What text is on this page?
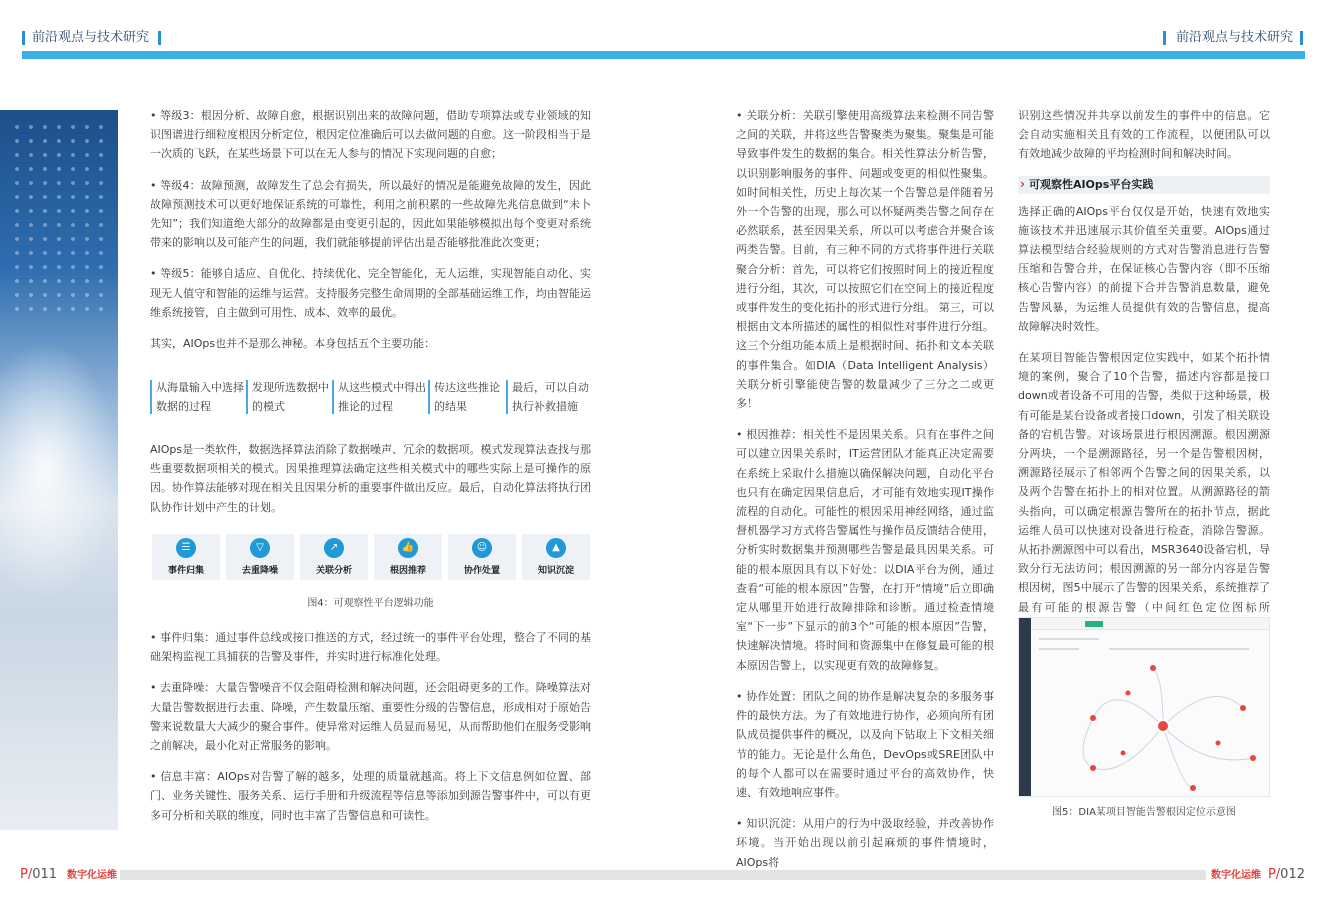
前沿观点与技术研究	前沿观点与技术研究

• 等级3：根因分析、故障自愈，根据识别出来的故障问题，借助专项算法或专业领域的知识图谱进行细粒度根因分析定位，根因定位准确后可以去做问题的自愈。这一阶段相当于是一次质的飞跃，在某些场景下可以在无人参与的情况下实现问题的自愈；

• 等级4：故障预测，故障发生了总会有损失，所以最好的情况是能避免故障的发生，因此故障预测技术可以更好地保证系统的可靠性，利用之前积累的一些故障先兆信息做到“未卜先知”；我们知道绝大部分的故障都是由变更引起的，因此如果能够模拟出每个变更对系统带来的影响以及可能产生的问题，我们就能够提前评估出是否能够批准此次变更；

• 等级5：能够自适应、自优化、持续优化、完全智能化，无人运维，实现智能自动化、实现无人值守和智能的运维与运营。支持服务完整生命周期的全部基础运维工作，均由智能运维系统接管，自主做到可用性、成本、效率的最优。

其实，AIOps也并不是那么神秘。本身包括五个主要功能：

从海量输入中选择数据的过程
发现所选数据中的模式
从这些模式中得出推论的过程
传达这些推论的结果
最后，可以自动执行补救措施

AIOps是一类软件，数据选择算法消除了数据噪声、冗余的数据项。模式发现算法查找与那些重要数据项相关的模式。因果推理算法确定这些相关模式中的哪些实际上是可操作的原因。协作算法能够对现在相关且因果分析的重要事件做出反应。最后，自动化算法将执行团队协作计划中产生的计划。

☰
事件归集
▽
去重降噪
↗
关联分析
👍
根因推荐
☺
协作处置
▲
知识沉淀
图4：可观察性平台逻辑功能

• 事件归集：通过事件总线或接口推送的方式，经过统一的事件平台处理，整合了不同的基础架构监视工具捕获的告警及事件，并实时进行标准化处理。

• 去重降噪：大量告警噪音不仅会阻碍检测和解决问题，还会阻碍更多的工作。降噪算法对大量告警数据进行去重、降噪，产生数量压缩、重要性分级的告警信息，形成相对于原始告警来说数量大大减少的聚合事件。使异常对运维人员显而易见，从而帮助他们在服务受影响之前解决，最小化对正常服务的影响。

• 信息丰富：AIOps对告警了解的越多，处理的质量就越高。将上下文信息例如位置、部门、业务关键性、服务关系、运行手册和升级流程等信息等添加到源告警事件中，可以有更多可分析和关联的维度，同时也丰富了告警信息和可读性。

• 关联分析：关联引擎使用高级算法来检测不同告警之间的关联，并将这些告警聚类为聚集。聚集是可能导致事件发生的数据的集合。相关性算法分析告警，以识别影响服务的事件、问题或变更的相似性聚集。如时间相关性，历史上每次某一个告警总是伴随着另外一个告警的出现，那么可以怀疑两类告警之间存在必然联系，甚至因果关系，所以可以考虑合并聚合该两类告警。目前，有三种不同的方式将事件进行关联聚合分析：首先，可以将它们按照时间上的接近程度进行分组，其次，可以按照它们在空间上的接近程度或事件发生的变化拓扑的形式进行分组。 第三，可以根据由文本所描述的属性的相似性对事件进行分组。 这三个分组功能本质上是根据时间、拓扑和文本关联的事件集合。如DIA（Data Intelligent Analysis）关联分析引擎能使告警的数量减少了三分之二或更多！

• 根因推荐：相关性不是因果关系。只有在事件之间可以建立因果关系时，IT运营团队才能真正决定需要在系统上采取什么措施以确保解决问题，自动化平台也只有在确定因果信息后，才可能有效地实现IT操作流程的自动化。可能性的根因采用神经网络，通过监督机器学习方式将告警属性与操作员反馈结合使用，分析实时数据集并预测哪些告警是最具因果关系。可能的根本原因具有以下好处：以DIA平台为例，通过查看“可能的根本原因”告警，在打开“情境”后立即确定从哪里开始进行故障排除和诊断。通过检查情境室“下一步”下显示的前3个“可能的根本原因”告警，快速解决情境。将时间和资源集中在修复最可能的根本原因告警上，以实现更有效的故障修复。

• 协作处置：团队之间的协作是解决复杂的多服务事件的最快方法。为了有效地进行协作，必须向所有团队成员提供事件的概况，以及向下钻取上下文相关细节的能力。无论是什么角色，DevOps或SRE团队中的每个人都可以在需要时通过平台的高效协作，快速、有效地响应事件。

• 知识沉淀：从用户的行为中汲取经验，并改善协作环境。当开始出现以前引起麻烦的事件情境时， AIOps将

识别这些情况并共享以前发生的事件中的信息。它会自动实施相关且有效的工作流程，以便团队可以有效地减少故障的平均检测时间和解决时间。

› 可观察性AIOps平台实践

选择正确的AIOps平台仅仅是开始，快速有效地实施该技术并迅速展示其价值至关重要。AIOps通过算法模型结合经验规则的方式对告警消息进行告警压缩和告警合并，在保证核心告警内容（即不压缩核心告警内容）的前提下合并告警消息数量，避免告警风暴，为运维人员提供有效的告警信息，提高故障解决时效性。

在某项目智能告警根因定位实践中，如某个拓扑情境的案例，聚合了10个告警，描述内容都是接口down或者设备不可用的告警，类似于这种场景，极有可能是某台设备或者接口down，引发了相关联设备的宕机告警。对该场景进行根因溯源。根因溯源分两块，一个是溯源路径，另一个是告警根因树，溯源路径展示了相邻两个告警之间的因果关系，以及两个告警在拓扑上的相对位置。从溯源路径的箭头指向，可以确定根源告警所在的拓扑节点，据此运维人员可以快速对设备进行检查，消除告警源。从拓扑溯源图中可以看出，MSR3640设备宕机，导致分行无法访问；根因溯源的另一部分内容是告警根因树，图5中展示了告警的因果关系，系统推荐了最有可能的根源告警（中间红色定位图标所

图5：DIA某项目智能告警根因定位示意图
P/011 数字化运维	数字化运维 P/012
